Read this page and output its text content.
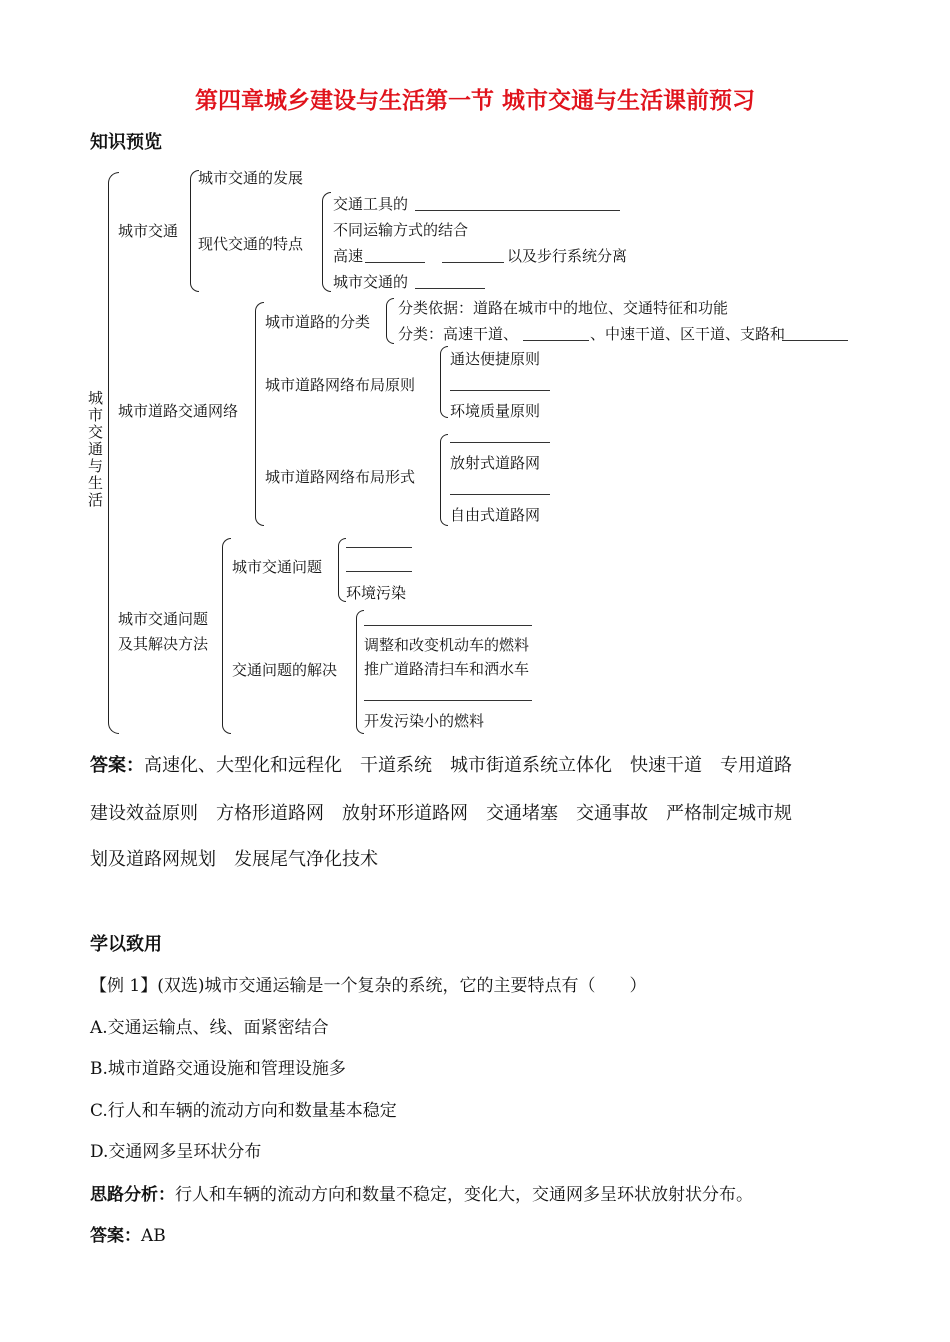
第四章城乡建设与生活第一节 城市交通与生活课前预习
知识预览
城市交通与生活
城市交通
城市交通的发展
现代交通的特点
交通工具的
不同运输方式的结合
高速	以及步行系统分离
城市交通的
城市道路交通网络
城市道路的分类
分类依据：道路在城市中的地位、交通特征和功能
分类：高速干道、	、中速干道、区干道、支路和
城市道路网络布局原则
通达便捷原则
环境质量原则
城市道路网络布局形式
放射式道路网
自由式道路网
城市交通问题
及其解决方法
城市交通问题
环境污染
交通问题的解决
调整和改变机动车的燃料
推广道路清扫车和洒水车
开发污染小的燃料
答案：高速化、大型化和远程化 干道系统 城市街道系统立体化 快速干道 专用道路
建设效益原则 方格形道路网 放射环形道路网 交通堵塞 交通事故 严格制定城市规
划及道路网规划 发展尾气净化技术
学以致用
【例 1】(双选)城市交通运输是一个复杂的系统，它的主要特点有（　　）
A.交通运输点、线、面紧密结合
B.城市道路交通设施和管理设施多
C.行人和车辆的流动方向和数量基本稳定
D.交通网多呈环状分布
思路分析：行人和车辆的流动方向和数量不稳定，变化大，交通网多呈环状放射状分布。
答案：AB
